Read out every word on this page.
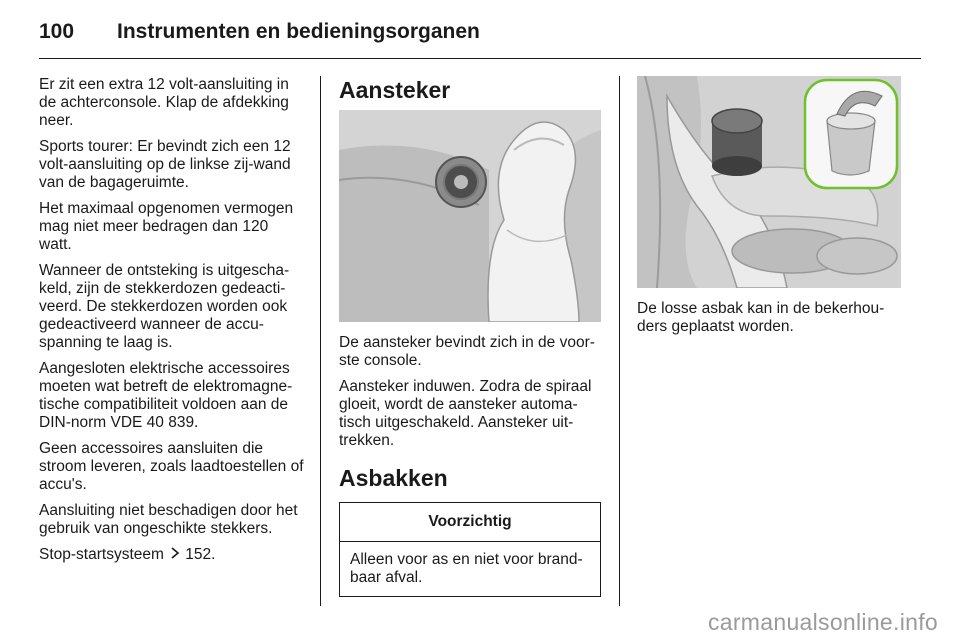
100	Instrumenten en bedieningsorganen

Er zit een extra 12 volt-aansluiting in de achterconsole. Klap de afdekking neer.

Sports tourer: Er bevindt zich een 12 volt-aansluiting op de linkse zij-wand van de bagageruimte.

Het maximaal opgenomen vermogen mag niet meer bedragen dan 120 watt.

Wanneer de ontsteking is uitgescha-keld, zijn de stekkerdozen gedeacti-veerd. De stekkerdozen worden ook gedeactiveerd wanneer de accu-spanning te laag is.

Aangesloten elektrische accessoires moeten wat betreft de elektromagne-tische compatibiliteit voldoen aan de DIN-norm VDE 40 839.

Geen accessoires aansluiten die stroom leveren, zoals laadtoestellen of accu's.

Aansluiting niet beschadigen door het gebruik van ongeschikte stekkers.

Stop-startsysteem 152.

Aansteker

De aansteker bevindt zich in de voor-ste console.

Aansteker induwen. Zodra de spiraal gloeit, wordt de aansteker automa-tisch uitgeschakeld. Aansteker uit-trekken.

Asbakken
Voorzichtig
Alleen voor as en niet voor brand-baar afval.

De losse asbak kan in de bekerhou-ders geplaatst worden.

carmanualsonline.info
